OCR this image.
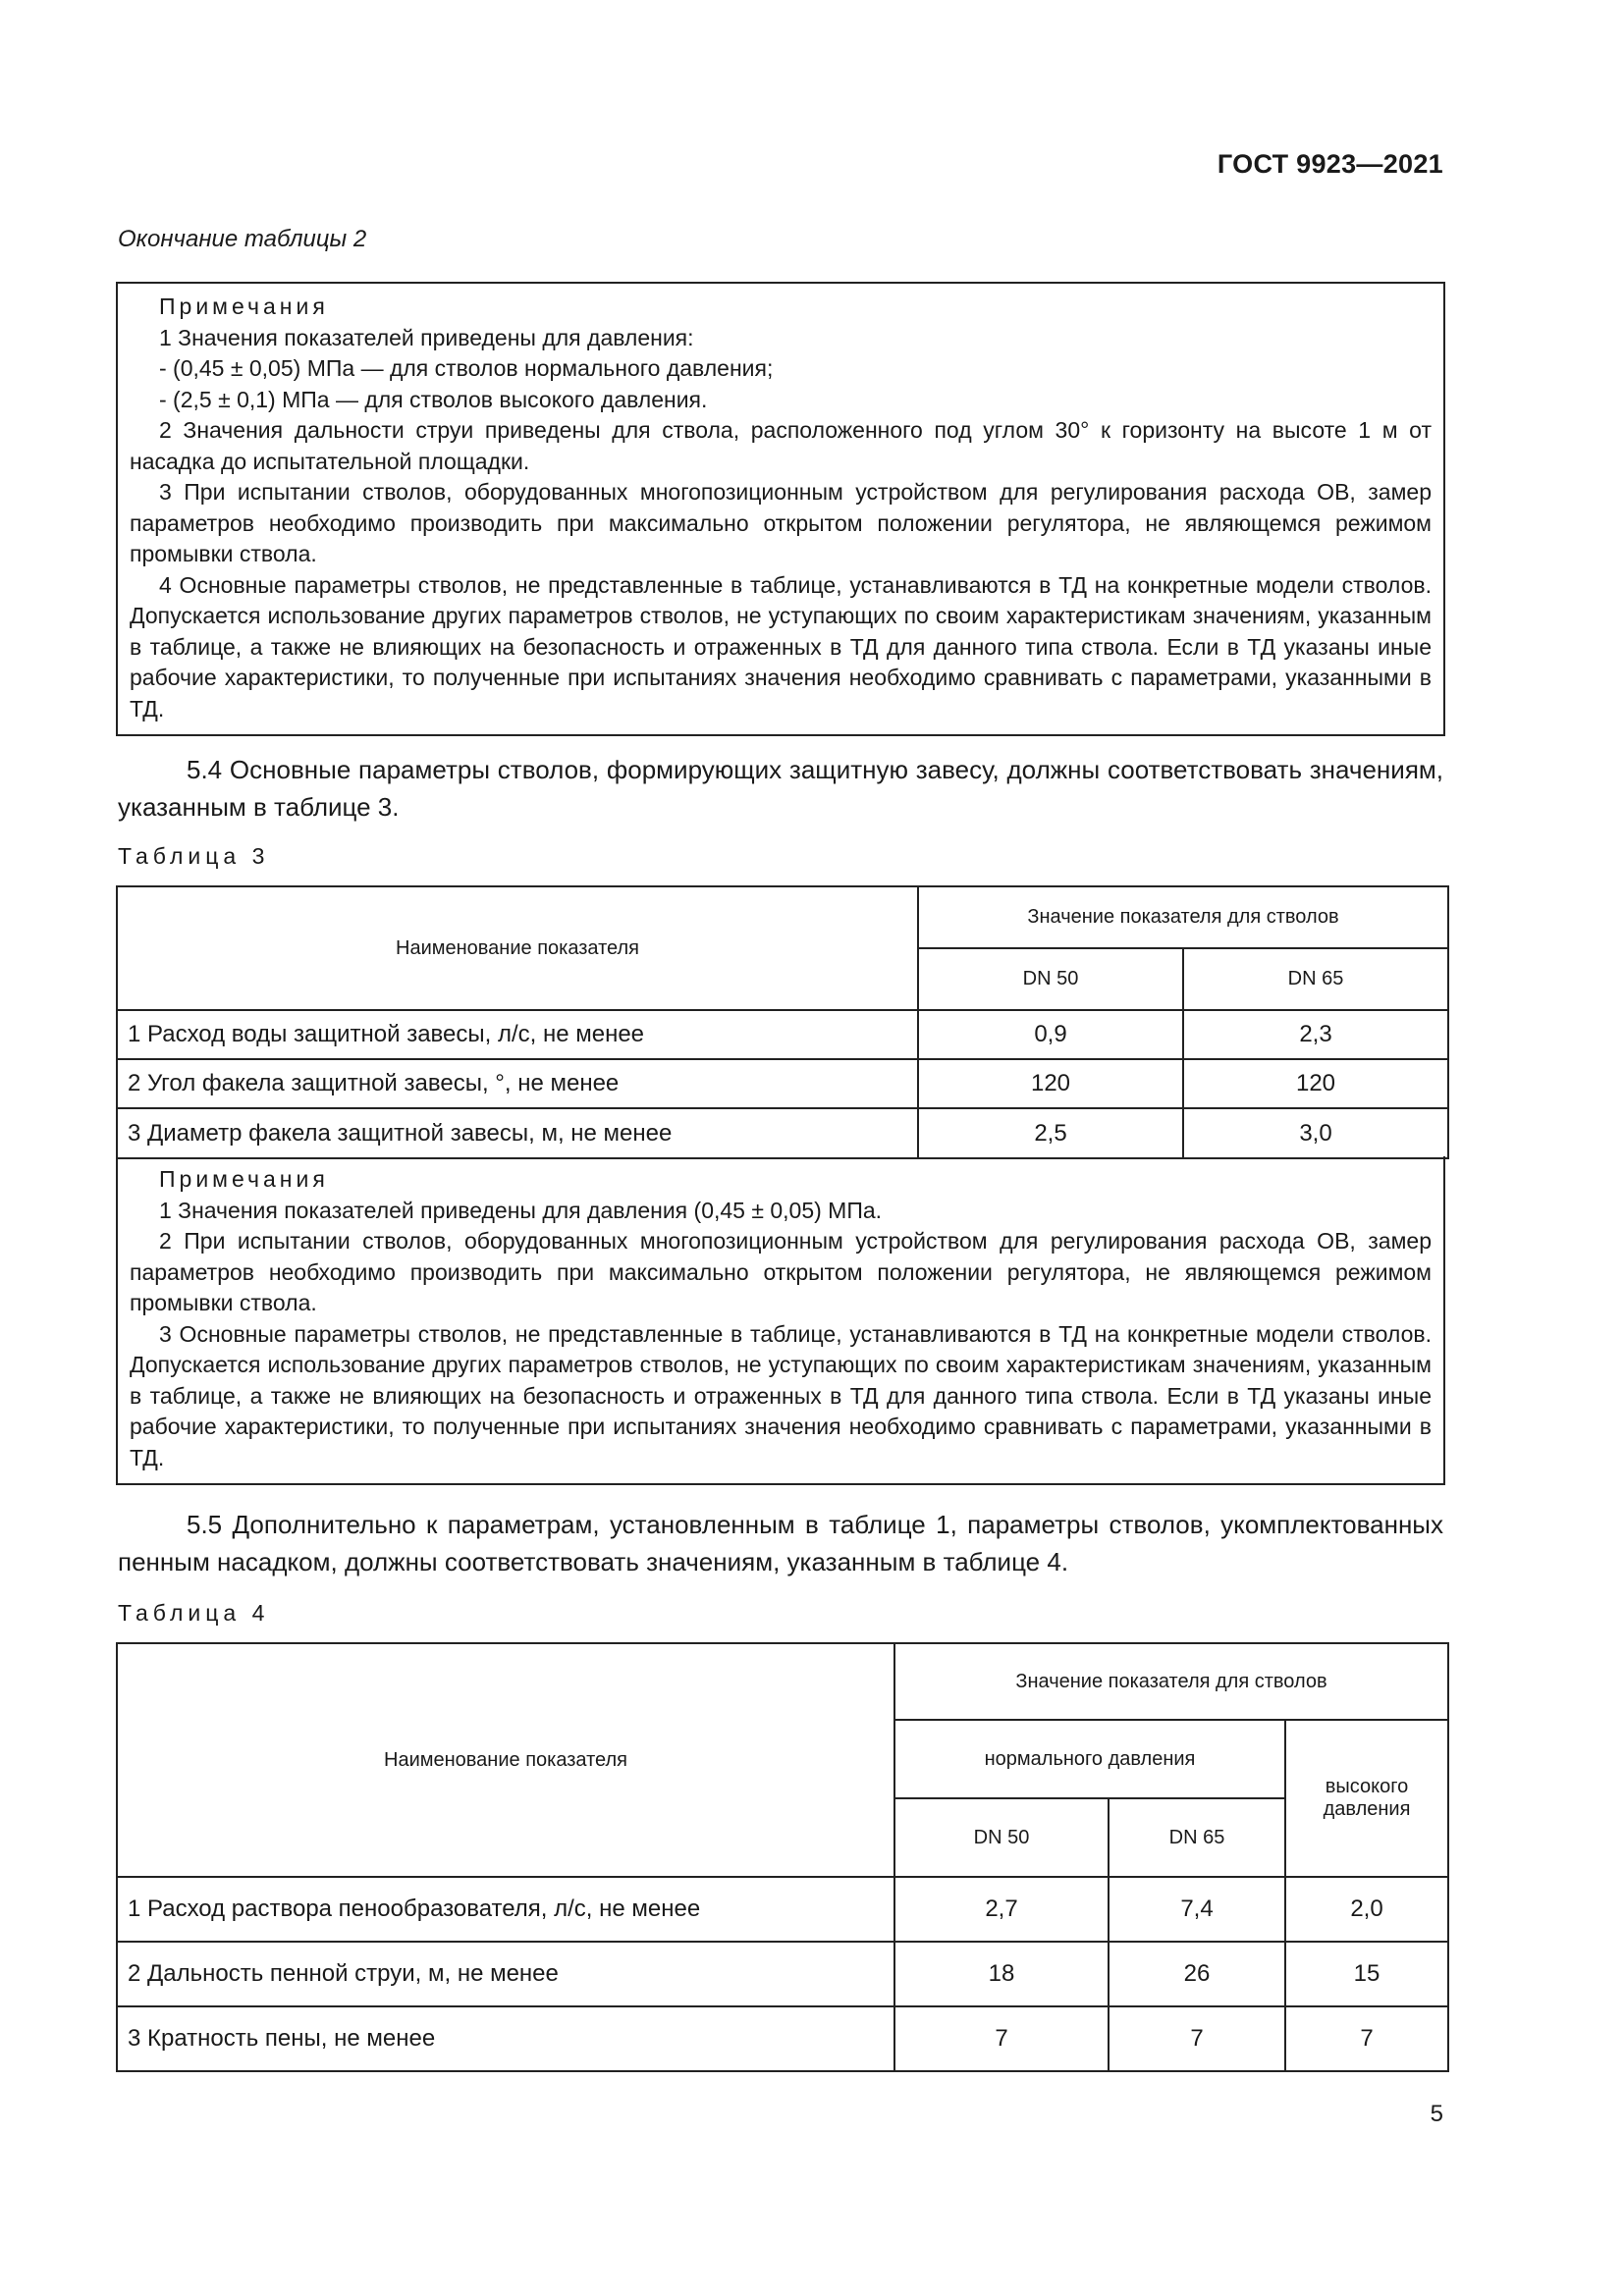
ГОСТ 9923—2021
Окончание таблицы 2

Примечания

1 Значения показателей приведены для давления:

- (0,45 ± 0,05) МПа — для стволов нормального давления;

- (2,5 ± 0,1) МПа — для стволов высокого давления.

2 Значения дальности струи приведены для ствола, расположенного под углом 30° к горизонту на высоте 1 м от насадка до испытательной площадки.

3 При испытании стволов, оборудованных многопозиционным устройством для регулирования расхода ОВ, замер параметров необходимо производить при максимально открытом положении регулятора, не являющемся режимом промывки ствола.

4 Основные параметры стволов, не представленные в таблице, устанавливаются в ТД на конкретные модели стволов. Допускается использование других параметров стволов, не уступающих по своим характеристикам значениям, указанным в таблице, а также не влияющих на безопасность и отраженных в ТД для данного типа ствола. Если в ТД указаны иные рабочие характеристики, то полученные при испытаниях значения необходимо сравнивать с параметрами, указанными в ТД.

5.4 Основные параметры стволов, формирующих защитную завесу, должны соответствовать значениям, указанным в таблице 3.

Таблица 3
Наименование показателя	Значение показателя для стволов	
	DN 50	DN 65
1 Расход воды защитной завесы, л/с, не менее	0,9	2,3
2 Угол факела защитной завесы, °, не менее	120	120
3 Диаметр факела защитной завесы, м, не менее	2,5	3,0

Примечания

1 Значения показателей приведены для давления (0,45 ± 0,05) МПа.

2 При испытании стволов, оборудованных многопозиционным устройством для регулирования расхода ОВ, замер параметров необходимо производить при максимально открытом положении регулятора, не являющемся режимом промывки ствола.

3 Основные параметры стволов, не представленные в таблице, устанавливаются в ТД на конкретные модели стволов. Допускается использование других параметров стволов, не уступающих по своим характеристикам значениям, указанным в таблице, а также не влияющих на безопасность и отраженных в ТД для данного типа ствола. Если в ТД указаны иные рабочие характеристики, то полученные при испытаниях значения необходимо сравнивать с параметрами, указанными в ТД.

5.5 Дополнительно к параметрам, установленным в таблице 1, параметры стволов, укомплектованных пенным насадком, должны соответствовать значениям, указанным в таблице 4.

Таблица 4
Наименование показателя	Значение показателя для стволов		
	нормального давления		высокого давления
	DN 50	DN 65	
1 Расход раствора пенообразователя, л/с, не менее	2,7	7,4	2,0
2 Дальность пенной струи, м, не менее	18	26	15
3 Кратность пены, не менее	7	7	7
5
